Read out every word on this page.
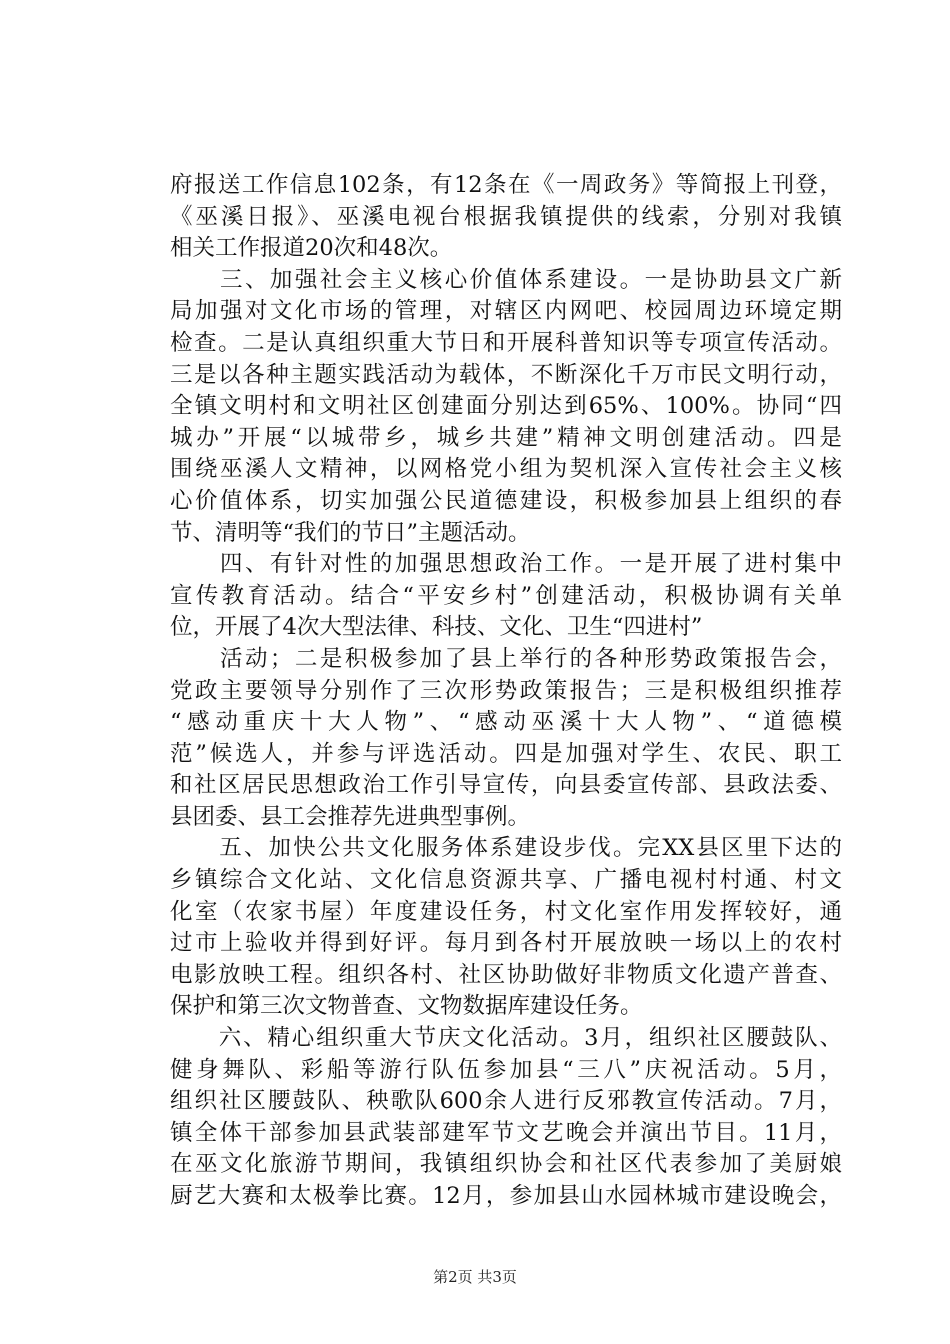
府报送工作信息102条，有12条在《一周政务》等简报上刊登，
《巫溪日报》、巫溪电视台根据我镇提供的线索，分别对我镇
相关工作报道20次和48次。
　　三、加强社会主义核心价值体系建设。一是协助县文广新
局加强对文化市场的管理，对辖区内网吧、校园周边环境定期
检查。二是认真组织重大节日和开展科普知识等专项宣传活动。
三是以各种主题实践活动为载体，不断深化千万市民文明行动，
全镇文明村和文明社区创建面分别达到65%、100%。协同“四
城办”开展“以城带乡，城乡共建”精神文明创建活动。四是
围绕巫溪人文精神，以网格党小组为契机深入宣传社会主义核
心价值体系，切实加强公民道德建设，积极参加县上组织的春
节、清明等“我们的节日”主题活动。
　　四、有针对性的加强思想政治工作。一是开展了进村集中
宣传教育活动。结合“平安乡村”创建活动，积极协调有关单
位，开展了4次大型法律、科技、文化、卫生“四进村”
　　活动；二是积极参加了县上举行的各种形势政策报告会，
党政主要领导分别作了三次形势政策报告；三是积极组织推荐
“感动重庆十大人物”、“感动巫溪十大人物”、“道德模
范”候选人，并参与评选活动。四是加强对学生、农民、职工
和社区居民思想政治工作引导宣传，向县委宣传部、县政法委、
县团委、县工会推荐先进典型事例。
　　五、加快公共文化服务体系建设步伐。完XX县区里下达的
乡镇综合文化站、文化信息资源共享、广播电视村村通、村文
化室（农家书屋）年度建设任务，村文化室作用发挥较好，通
过市上验收并得到好评。每月到各村开展放映一场以上的农村
电影放映工程。组织各村、社区协助做好非物质文化遗产普查、
保护和第三次文物普查、文物数据库建设任务。
　　六、精心组织重大节庆文化活动。3月，组织社区腰鼓队、
健身舞队、彩船等游行队伍参加县“三八”庆祝活动。5月，
组织社区腰鼓队、秧歌队600余人进行反邪教宣传活动。7月，
镇全体干部参加县武装部建军节文艺晚会并演出节目。11月，
在巫文化旅游节期间，我镇组织协会和社区代表参加了美厨娘
厨艺大赛和太极拳比赛。12月，参加县山水园林城市建设晚会，
第2页 共3页
